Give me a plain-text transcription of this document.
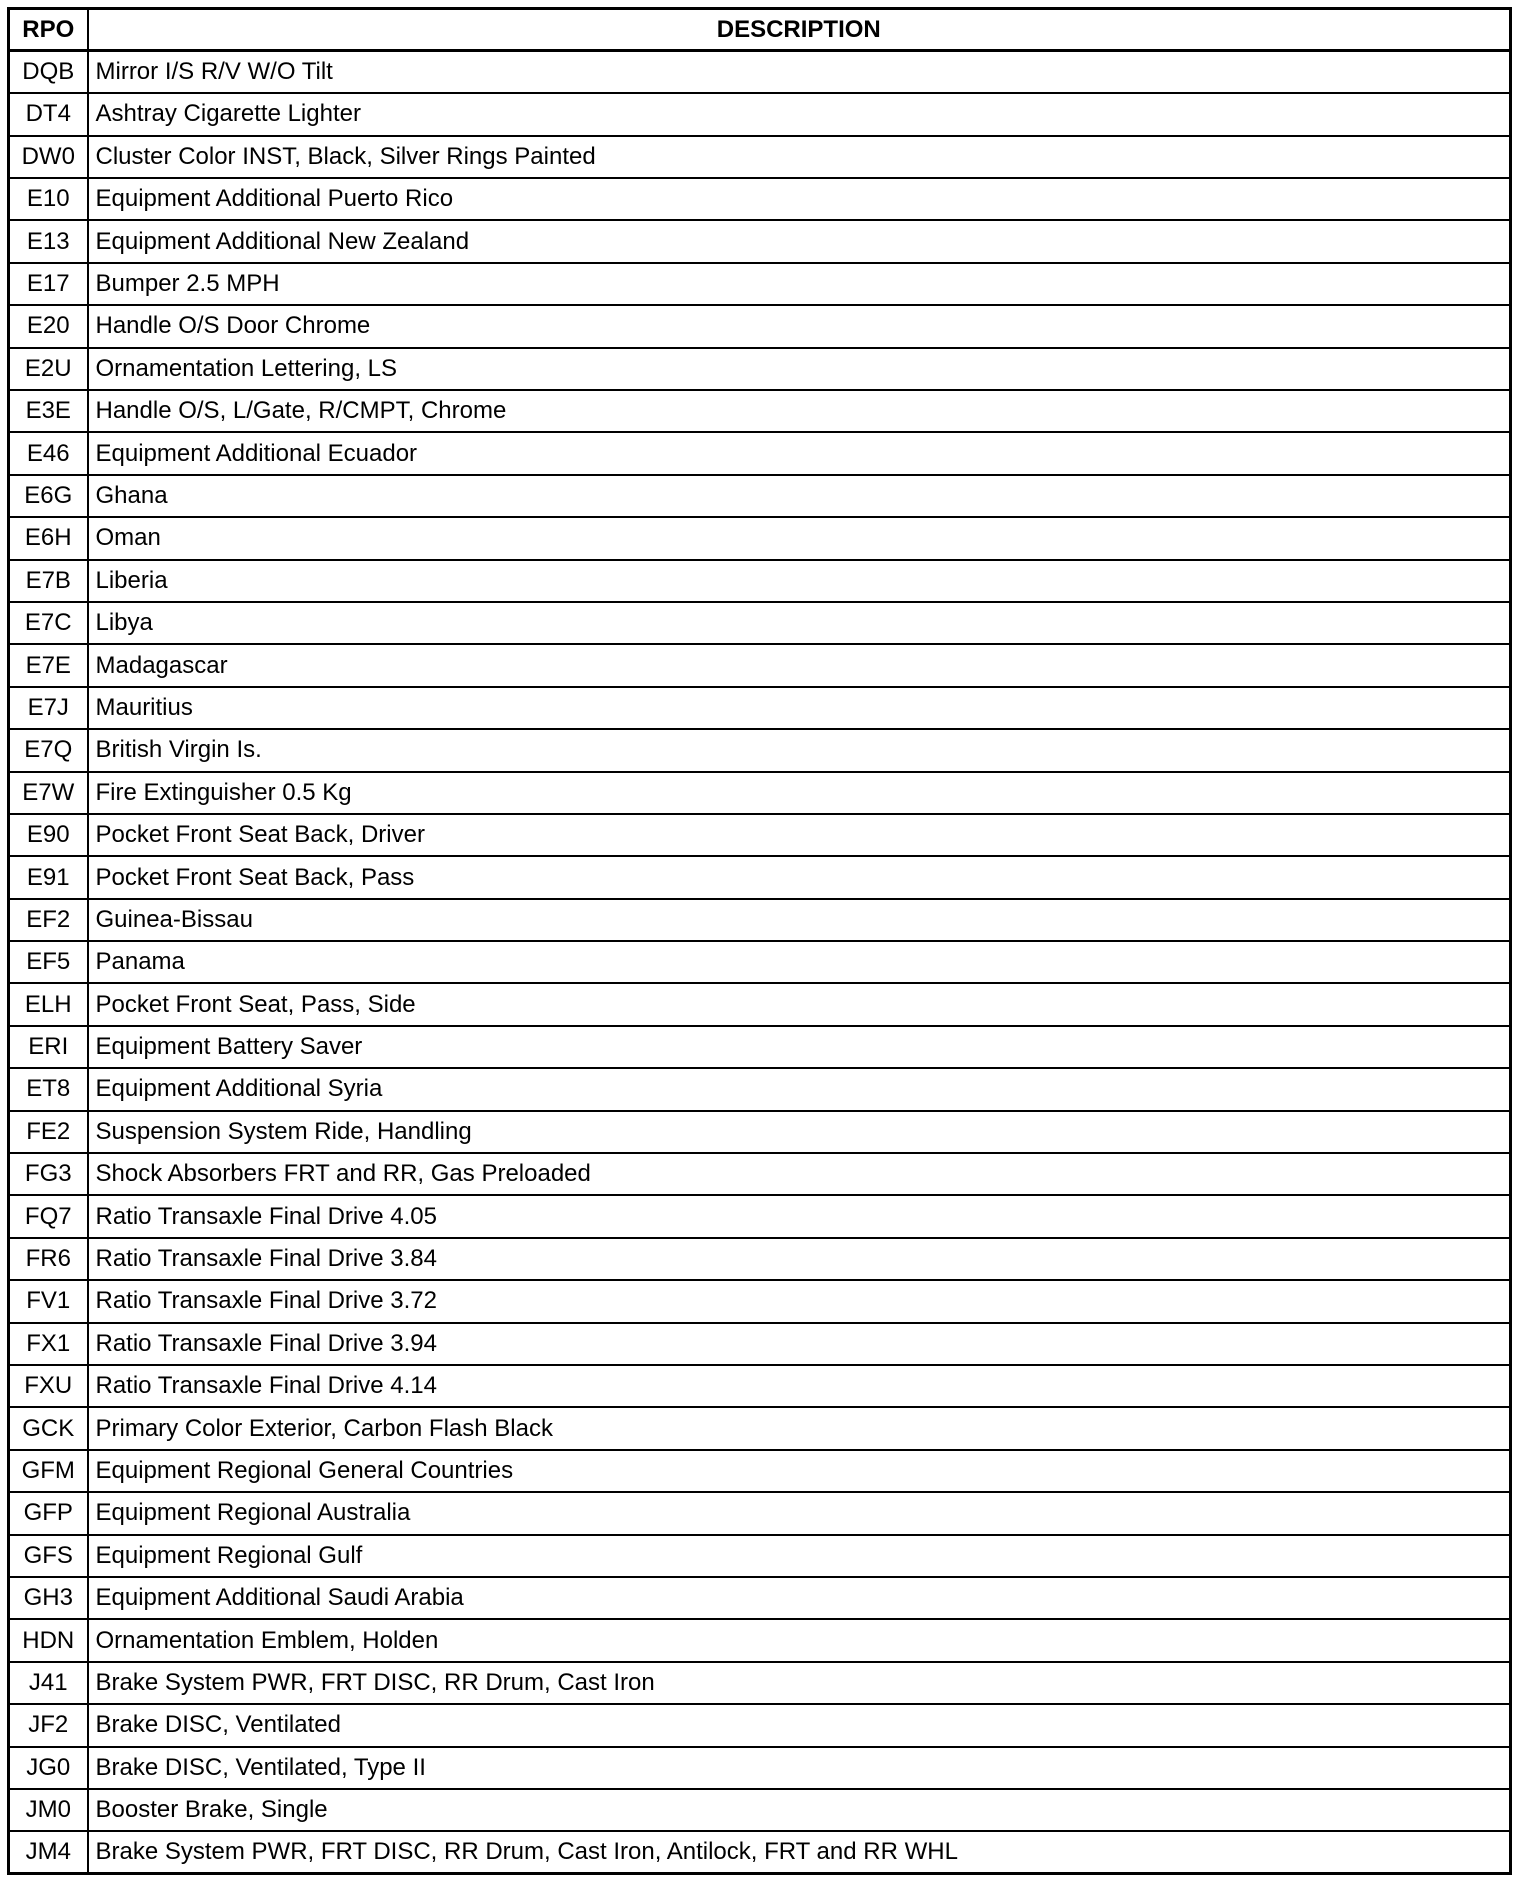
RPO	DESCRIPTION
DQB	Mirror I/S R/V W/O Tilt
DT4	Ashtray Cigarette Lighter
DW0	Cluster Color INST, Black, Silver Rings Painted
E10	Equipment Additional Puerto Rico
E13	Equipment Additional New Zealand
E17	Bumper 2.5 MPH
E20	Handle O/S Door Chrome
E2U	Ornamentation Lettering, LS
E3E	Handle O/S, L/Gate, R/CMPT, Chrome
E46	Equipment Additional Ecuador
E6G	Ghana
E6H	Oman
E7B	Liberia
E7C	Libya
E7E	Madagascar
E7J	Mauritius
E7Q	British Virgin Is.
E7W	Fire Extinguisher 0.5 Kg
E90	Pocket Front Seat Back, Driver
E91	Pocket Front Seat Back, Pass
EF2	Guinea-Bissau
EF5	Panama
ELH	Pocket Front Seat, Pass, Side
ERI	Equipment Battery Saver
ET8	Equipment Additional Syria
FE2	Suspension System Ride, Handling
FG3	Shock Absorbers FRT and RR, Gas Preloaded
FQ7	Ratio Transaxle Final Drive 4.05
FR6	Ratio Transaxle Final Drive 3.84
FV1	Ratio Transaxle Final Drive 3.72
FX1	Ratio Transaxle Final Drive 3.94
FXU	Ratio Transaxle Final Drive 4.14
GCK	Primary Color Exterior, Carbon Flash Black
GFM	Equipment Regional General Countries
GFP	Equipment Regional Australia
GFS	Equipment Regional Gulf
GH3	Equipment Additional Saudi Arabia
HDN	Ornamentation Emblem, Holden
J41	Brake System PWR, FRT DISC, RR Drum, Cast Iron
JF2	Brake DISC, Ventilated
JG0	Brake DISC, Ventilated, Type II
JM0	Booster Brake, Single
JM4	Brake System PWR, FRT DISC, RR Drum, Cast Iron, Antilock, FRT and RR WHL
